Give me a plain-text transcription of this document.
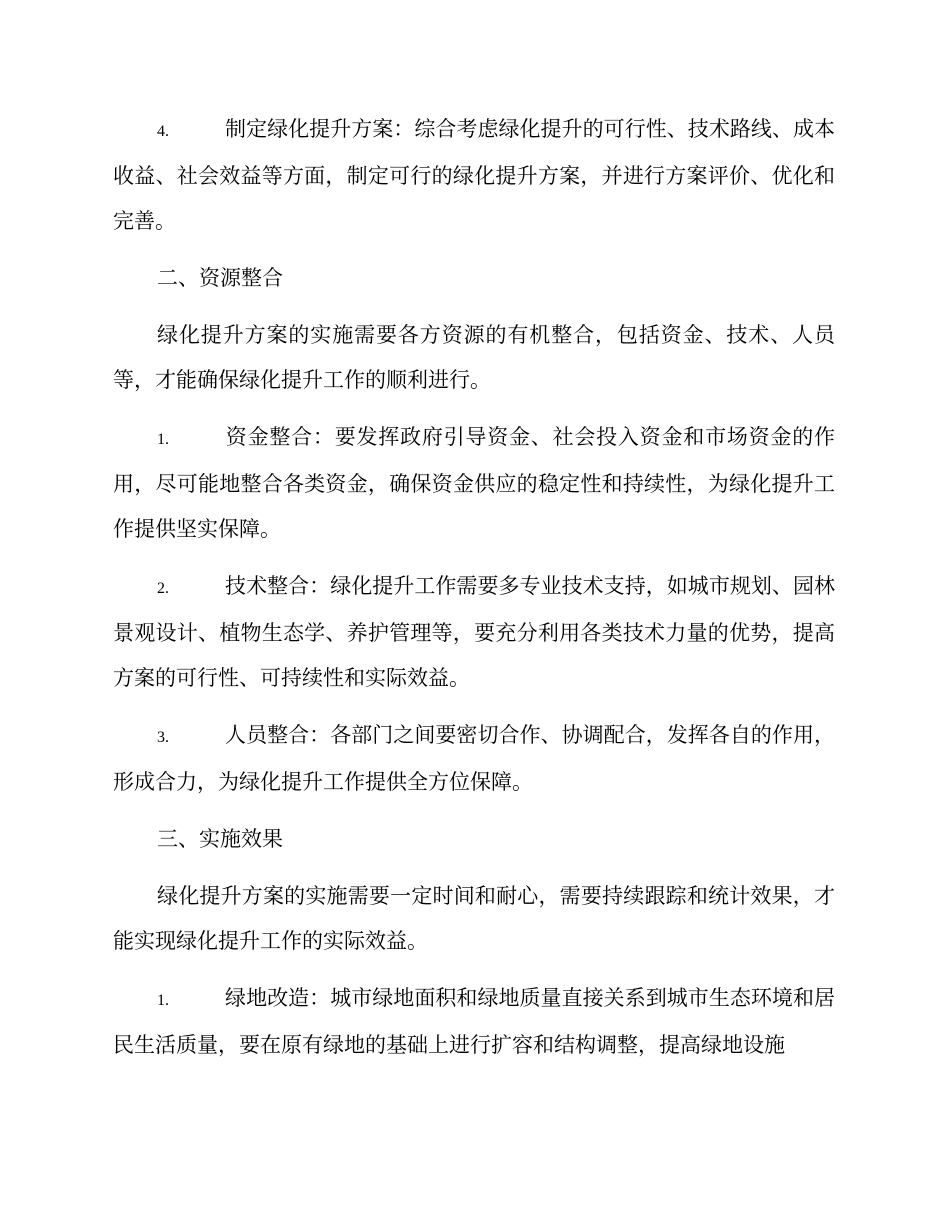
4.	制定绿化提升方案：综合考虑绿化提升的可行性、技术路线、成本收益、社会效益等方面，制定可行的绿化提升方案，并进行方案评价、优化和完善。

二、资源整合

绿化提升方案的实施需要各方资源的有机整合，包括资金、技术、人员等，才能确保绿化提升工作的顺利进行。

1.	资金整合：要发挥政府引导资金、社会投入资金和市场资金的作用，尽可能地整合各类资金，确保资金供应的稳定性和持续性，为绿化提升工作提供坚实保障。

2.	技术整合：绿化提升工作需要多专业技术支持，如城市规划、园林景观设计、植物生态学、养护管理等，要充分利用各类技术力量的优势，提高方案的可行性、可持续性和实际效益。

3.	人员整合：各部门之间要密切合作、协调配合，发挥各自的作用，形成合力，为绿化提升工作提供全方位保障。

三、实施效果

绿化提升方案的实施需要一定时间和耐心，需要持续跟踪和统计效果，才能实现绿化提升工作的实际效益。

1.	绿地改造：城市绿地面积和绿地质量直接关系到城市生态环境和居民生活质量，要在原有绿地的基础上进行扩容和结构调整，提高绿地设施
